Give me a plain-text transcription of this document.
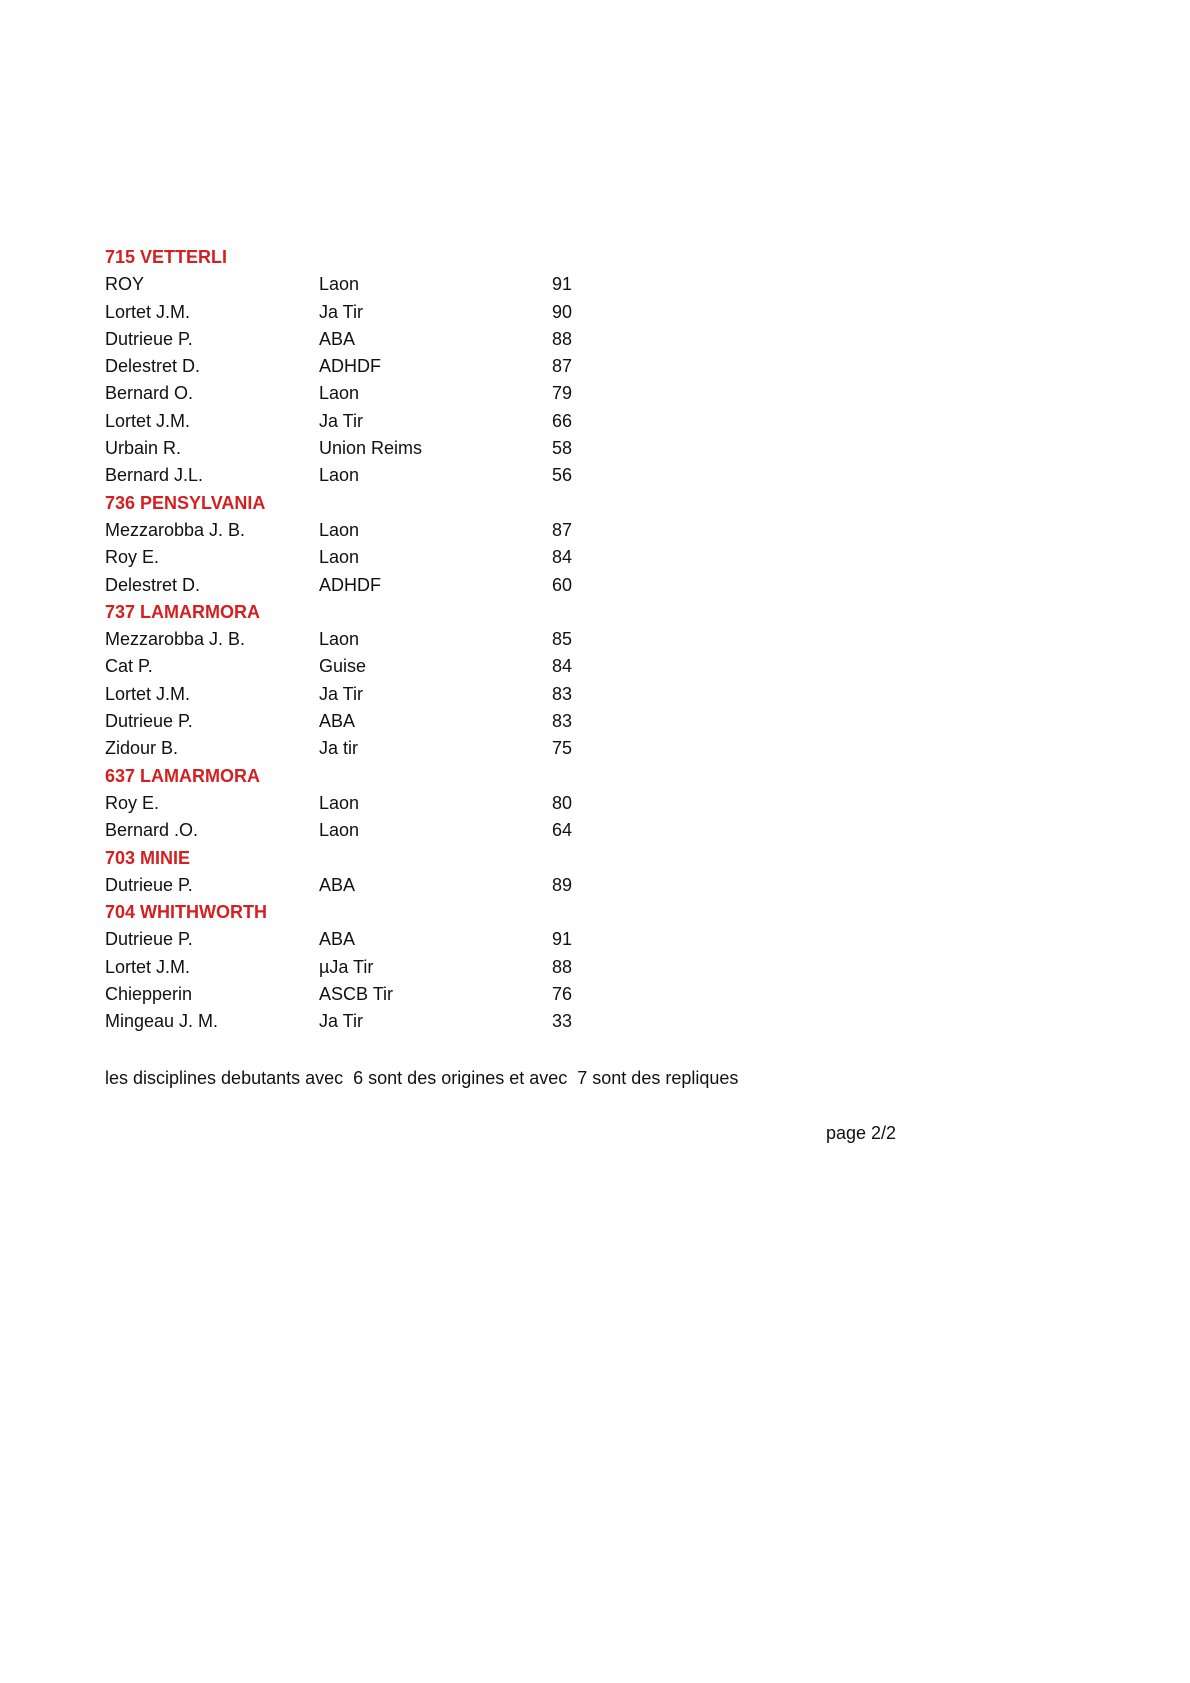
715 VETTERLI
ROY	Laon	91
Lortet J.M.	Ja Tir	90
Dutrieue P.	ABA	88
Delestret D.	ADHDF	87
Bernard O.	Laon	79
Lortet J.M.	Ja Tir	66
Urbain R.	Union Reims	58
Bernard J.L.	Laon	56
736 PENSYLVANIA
Mezzarobba J. B.	Laon	87
Roy E.	Laon	84
Delestret D.	ADHDF	60
737 LAMARMORA
Mezzarobba J. B.	Laon	85
Cat P.	Guise	84
Lortet J.M.	Ja Tir	83
Dutrieue P.	ABA	83
Zidour B.	Ja tir	75
637 LAMARMORA
Roy E.	Laon	80
Bernard .O.	Laon	64
703 MINIE
Dutrieue P.	ABA	89
704 WHITHWORTH
Dutrieue P.	ABA	91
Lortet J.M.	µJa Tir	88
Chiepperin	ASCB Tir	76
Mingeau J. M.	Ja Tir	33
les disciplines debutants avec  6 sont des origines et avec  7 sont des repliques
page 2/2
